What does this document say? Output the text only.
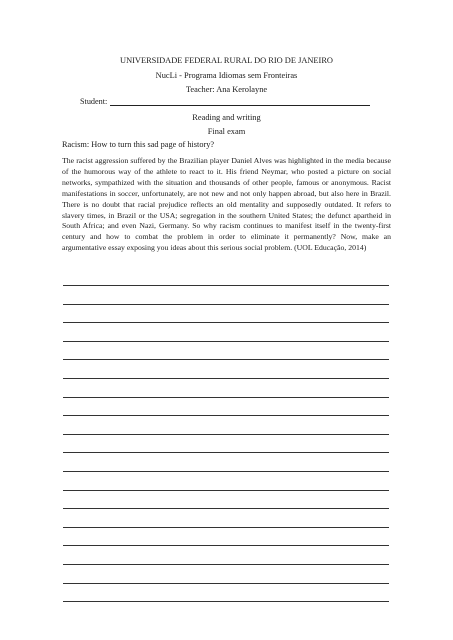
UNIVERSIDADE FEDERAL RURAL DO RIO DE JANEIRO
NucLi - Programa Idiomas sem Fronteiras
Teacher: Ana Kerolayne
Student:
Reading and writing
Final exam
Racism: How to turn this sad page of history?

The racist aggression suffered by the Brazilian player Daniel Alves was highlighted in the media because of the humorous way of the athlete to react to it. His friend Neymar, who posted a picture on social networks, sympathized with the situation and thousands of other people, famous or anonymous. Racist manifestations in soccer, unfortunately, are not new and not only happen abroad, but also here in Brazil. There is no doubt that racial prejudice reflects an old mentality and supposedly outdated. It refers to slavery times, in Brazil or the USA; segregation in the southern United States; the defunct apartheid in South Africa; and even Nazi, Germany. So why racism continues to manifest itself in the twenty-first century and how to combat the problem in order to eliminate it permanently? Now, make an argumentative essay exposing you ideas about this serious social problem. (UOL Educação, 2014)
